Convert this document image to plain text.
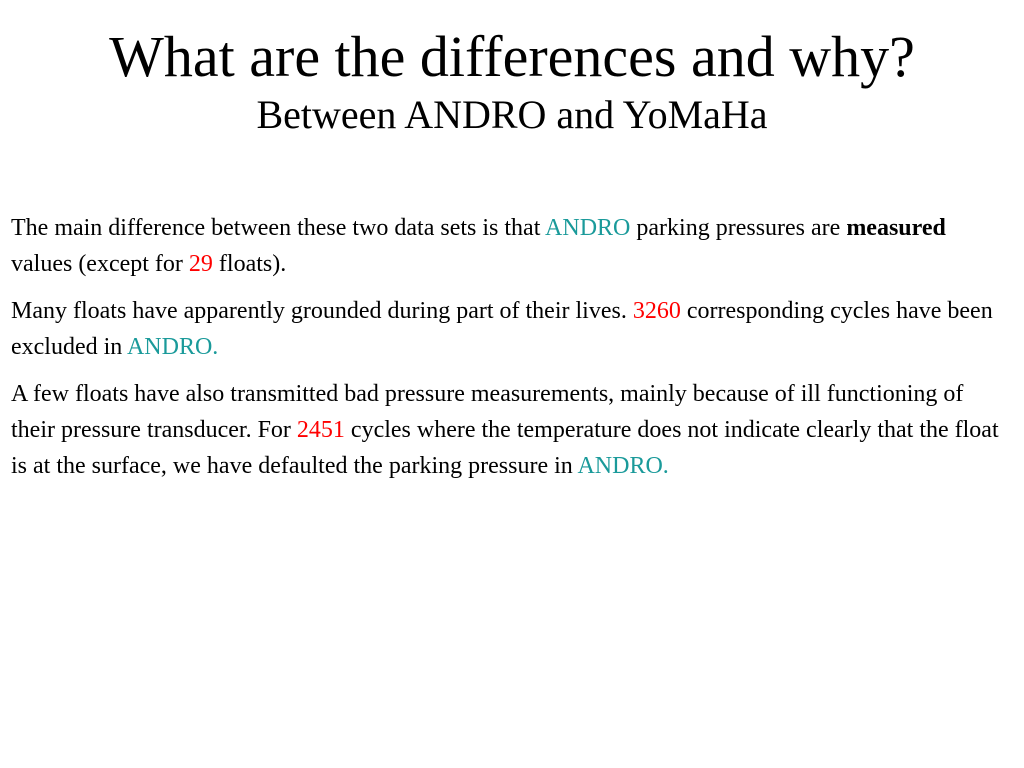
What are the differences and why?
Between ANDRO and YoMaHa

The main difference between these two data sets is that ANDRO parking pressures are measured values (except for 29 floats).

Many floats have apparently grounded during part of their lives. 3260 corresponding cycles have been excluded in ANDRO.

A few floats have also transmitted bad pressure measurements, mainly because of ill functioning of their pressure transducer. For 2451 cycles where the temperature does not indicate clearly that the float is at the surface, we have defaulted the parking pressure in ANDRO.
